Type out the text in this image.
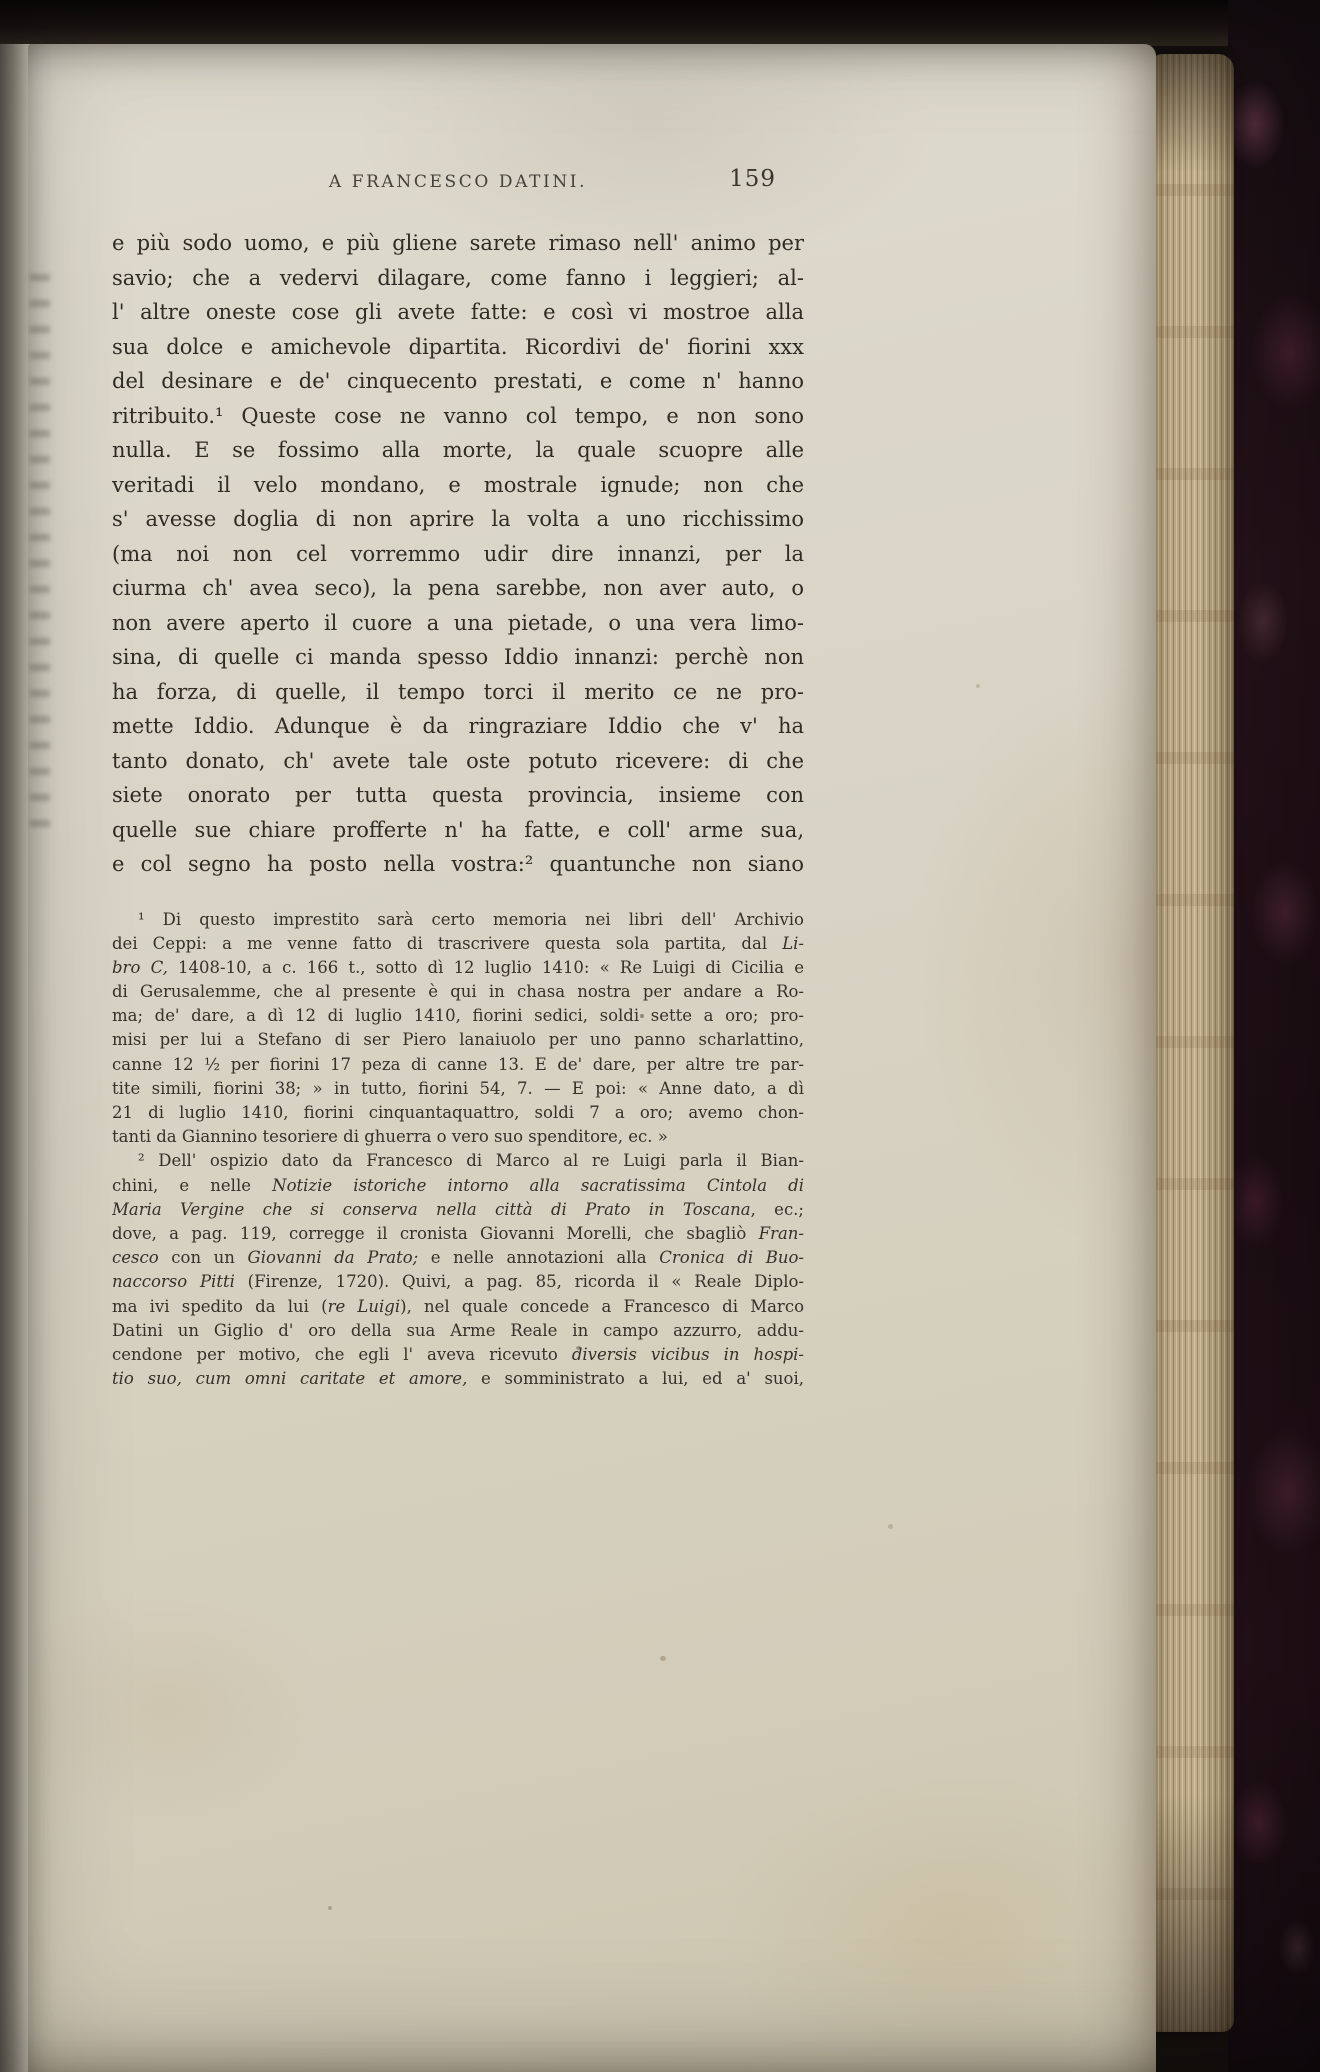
A FRANCESCO DATINI.	159
e più sodo uomo, e più gliene sarete rimaso nell' animo per
savio; che a vedervi dilagare, come fanno i leggieri; al-
l' altre oneste cose gli avete fatte: e così vi mostroe alla
sua dolce e amichevole dipartita. Ricordivi de' fiorini xxx
del desinare e de' cinquecento prestati, e come n' hanno
ritribuito.¹ Queste cose ne vanno col tempo, e non sono
nulla. E se fossimo alla morte, la quale scuopre alle
veritadi il velo mondano, e mostrale ignude; non che
s' avesse doglia di non aprire la volta a uno ricchissimo
(ma noi non cel vorremmo udir dire innanzi, per la
ciurma ch' avea seco), la pena sarebbe, non aver auto, o
non avere aperto il cuore a una pietade, o una vera limo-
sina, di quelle ci manda spesso Iddio innanzi: perchè non
ha forza, di quelle, il tempo torci il merito ce ne pro-
mette Iddio. Adunque è da ringraziare Iddio che v' ha
tanto donato, ch' avete tale oste potuto ricevere: di che
siete onorato per tutta questa provincia, insieme con
quelle sue chiare profferte n' ha fatte, e coll' arme sua,
e col segno ha posto nella vostra:² quantunche non siano
¹ Di questo imprestito sarà certo memoria nei libri dell' Archivio
dei Ceppi: a me venne fatto di trascrivere questa sola partita, dal Li-
bro C, 1408-10, a c. 166 t., sotto dì 12 luglio 1410: « Re Luigi di Cicilia e
di Gerusalemme, che al presente è qui in chasa nostra per andare a Ro-
ma; de' dare, a dì 12 di luglio 1410, fiorini sedici, soldi sette a oro; pro-
misi per lui a Stefano di ser Piero lanaiuolo per uno panno scharlattino,
canne 12 ½ per fiorini 17 peza di canne 13. E de' dare, per altre tre par-
tite simili, fiorini 38; » in tutto, fiorini 54, 7. — E poi: « Anne dato, a dì
21 di luglio 1410, fiorini cinquantaquattro, soldi 7 a oro; avemo chon-
tanti da Giannino tesoriere di ghuerra o vero suo spenditore, ec. »
² Dell' ospizio dato da Francesco di Marco al re Luigi parla il Bian-
chini, e nelle Notizie istoriche intorno alla sacratissima Cintola di
Maria Vergine che si conserva nella città di Prato in Toscana, ec.;
dove, a pag. 119, corregge il cronista Giovanni Morelli, che sbagliò Fran-
cesco con un Giovanni da Prato; e nelle annotazioni alla Cronica di Buo-
naccorso Pitti (Firenze, 1720). Quivi, a pag. 85, ricorda il « Reale Diplo-
ma ivi spedito da lui (re Luigi), nel quale concede a Francesco di Marco
Datini un Giglio d' oro della sua Arme Reale in campo azzurro, addu-
cendone per motivo, che egli l' aveva ricevuto diversis vicibus in hospi-
tio suo, cum omni caritate et amore, e somministrato a lui, ed a' suoi,
